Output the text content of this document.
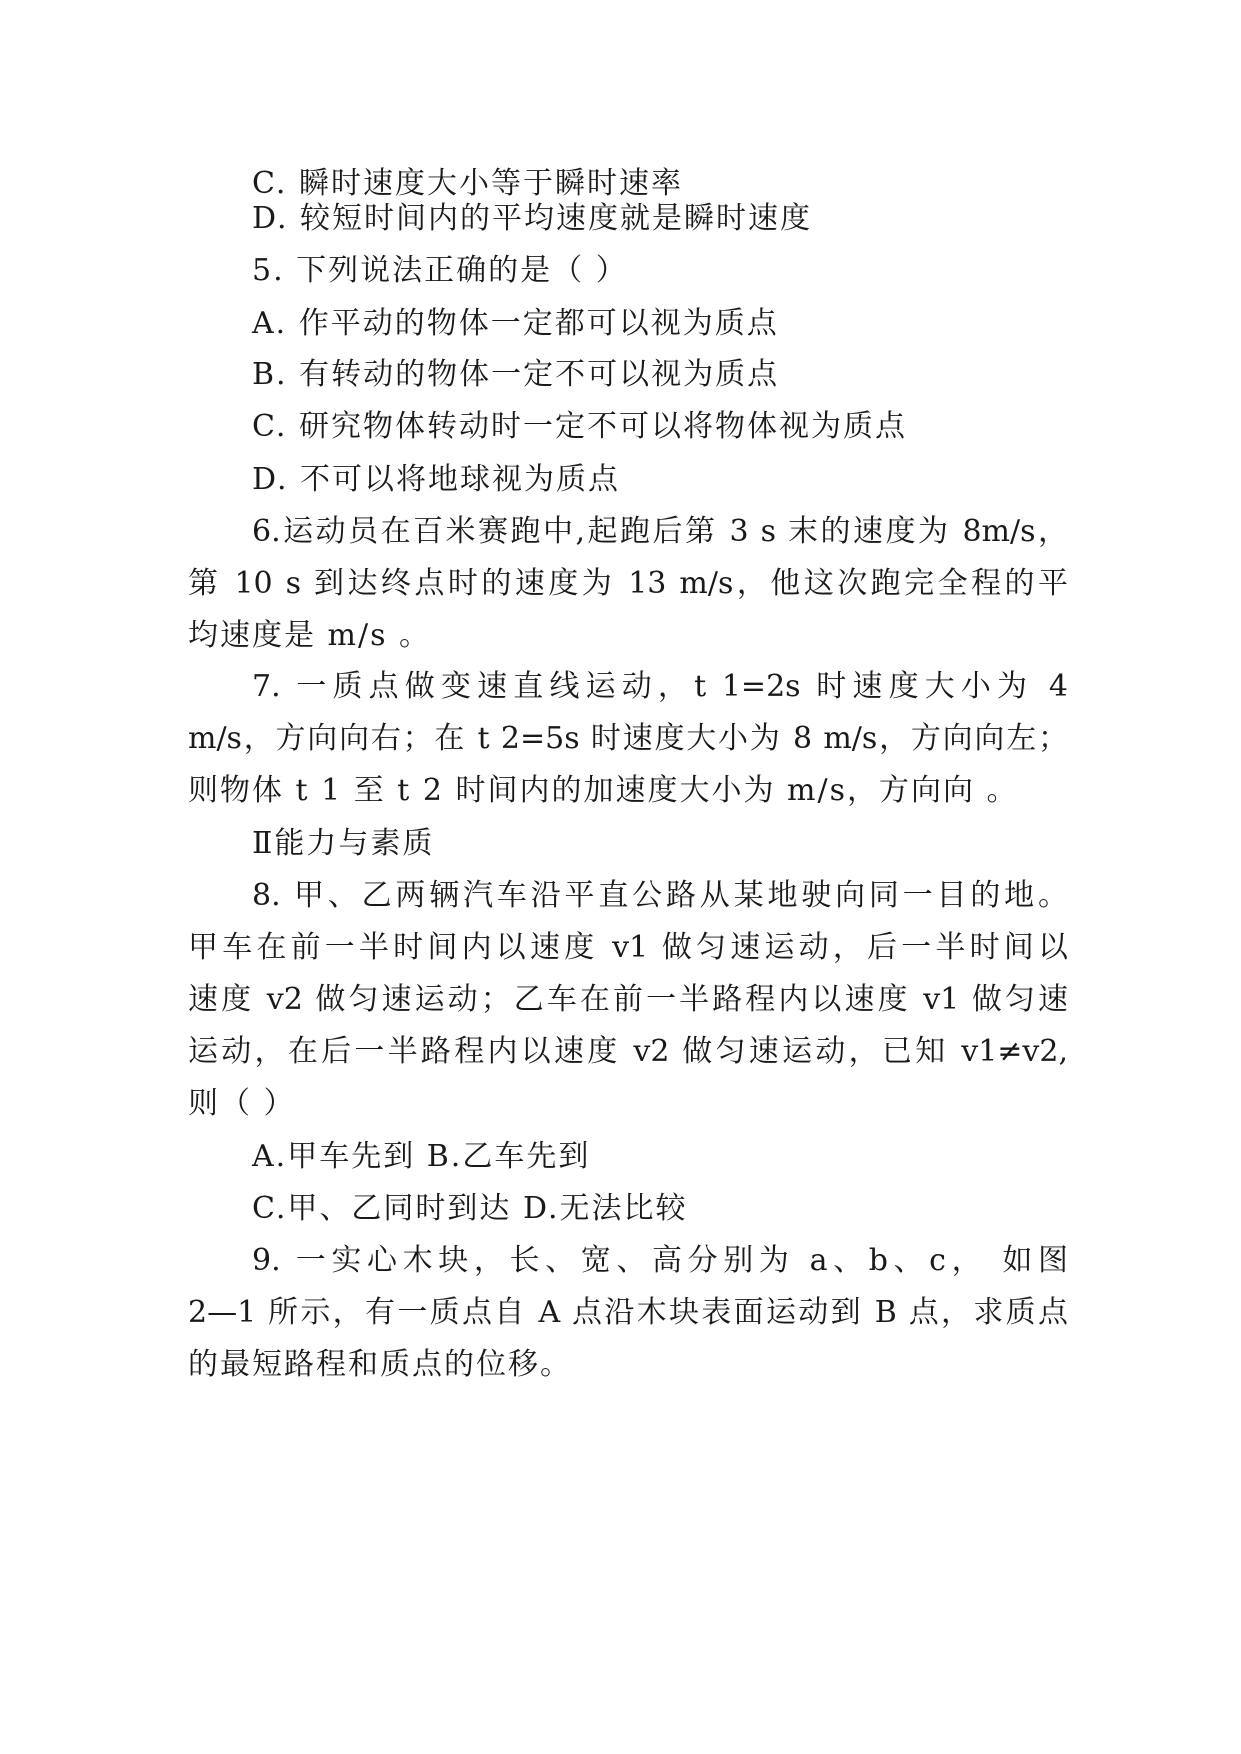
C. 瞬时速度大小等于瞬时速率
D. 较短时间内的平均速度就是瞬时速度
5. 下列说法正确的是（ ）
A. 作平动的物体一定都可以视为质点
B. 有转动的物体一定不可以视为质点
C. 研究物体转动时一定不可以将物体视为质点
D. 不可以将地球视为质点
6.运动员在百米赛跑中,起跑后第 3 s 末的速度为 8m/s，
第 10 s 到达终点时的速度为 13 m/s，他这次跑完全程的平
均速度是 m/s 。
7. 一质点做变速直线运动，t 1=2s 时速度大小为 4
m/s，方向向右；在 t 2=5s 时速度大小为 8 m/s，方向向左；
则物体 t 1 至 t 2 时间内的加速度大小为 m/s，方向向 。
Ⅱ能力与素质
8. 甲、乙两辆汽车沿平直公路从某地驶向同一目的地。
甲车在前一半时间内以速度 v1 做匀速运动，后一半时间以
速度 v2 做匀速运动；乙车在前一半路程内以速度 v1 做匀速
运动，在后一半路程内以速度 v2 做匀速运动，已知 v1≠v2,
则（ ）
A.甲车先到 B.乙车先到
C.甲、乙同时到达 D.无法比较
9. 一实心木块，长、宽、高分别为 a、b、c， 如图
2—1 所示，有一质点自 A 点沿木块表面运动到 B 点，求质点
的最短路程和质点的位移。
